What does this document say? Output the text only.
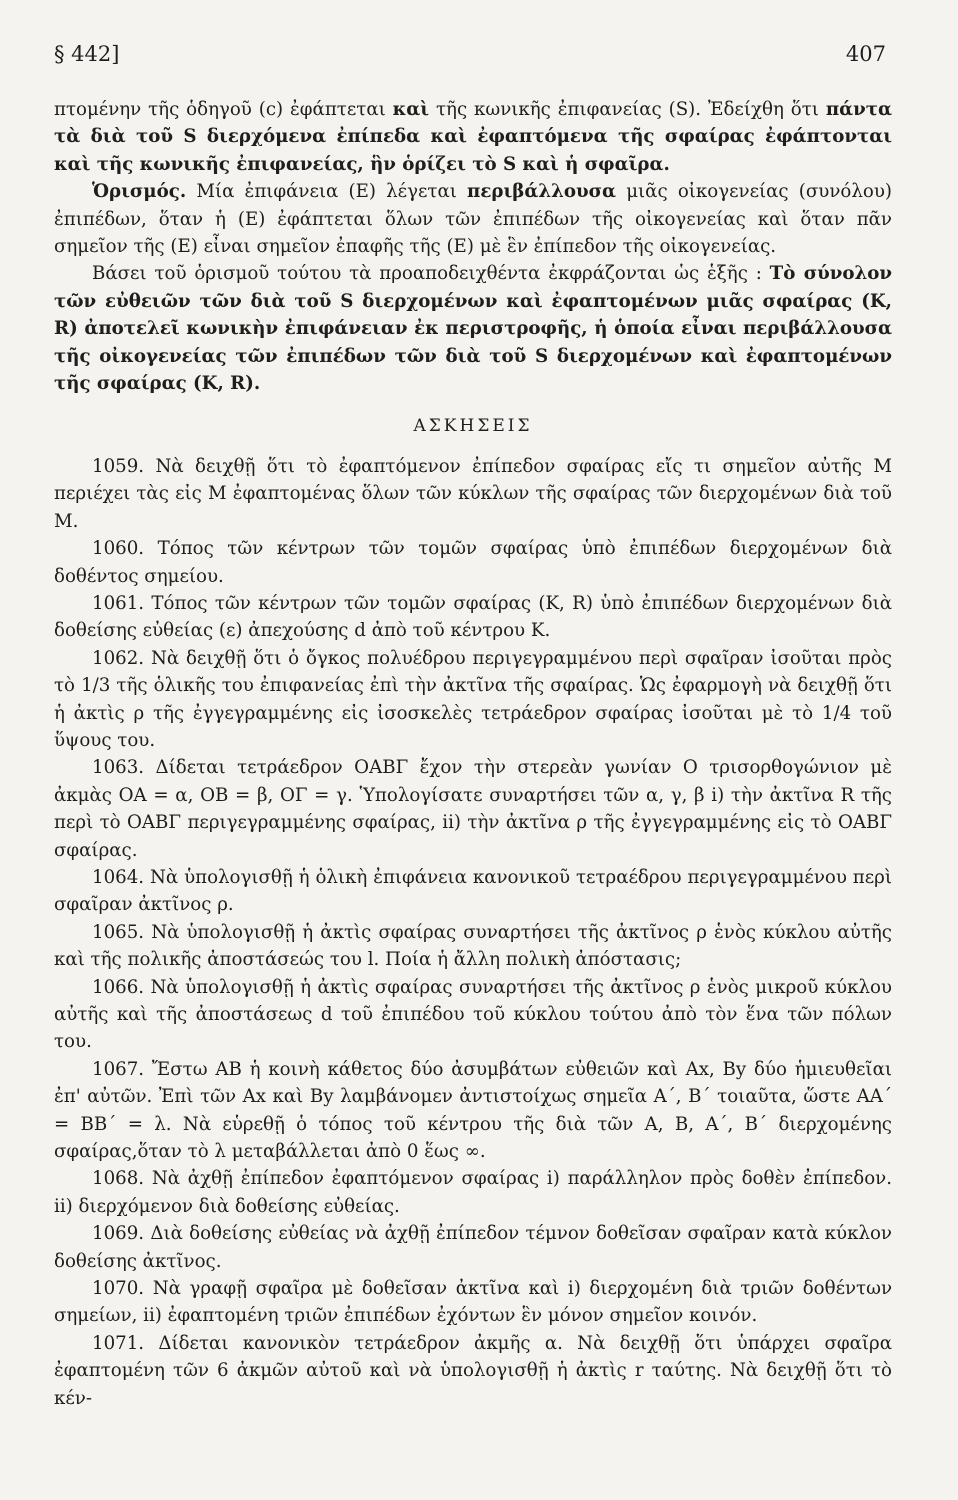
§ 442]	407

πτομένην τῆς ὁδηγοῦ (c) ἐφάπτεται καὶ τῆς κωνικῆς ἐπιφανείας (S). Ἐδείχθη ὅτι πάντα τὰ διὰ τοῦ S διερχόμενα ἐπίπεδα καὶ ἐφαπτόμενα τῆς σφαίρας ἐφάπτονται καὶ τῆς κωνικῆς ἐπιφανείας, ἣν ὁρίζει τὸ S καὶ ἡ σφαῖρα.

Ὁρισμός. Μία ἐπιφάνεια (E) λέγεται περιβάλλουσα μιᾶς οἰκογενείας (συνόλου) ἐπιπέδων, ὅταν ἡ (E) ἐφάπτεται ὅλων τῶν ἐπιπέδων τῆς οἰκογενείας καὶ ὅταν πᾶν σημεῖον τῆς (E) εἶναι σημεῖον ἐπαφῆς τῆς (E) μὲ ἓν ἐπίπεδον τῆς οἰκογενείας.

Βάσει τοῦ ὁρισμοῦ τούτου τὰ προαποδειχθέντα ἐκφράζονται ὡς ἑξῆς : Τὸ σύνολον τῶν εὐθειῶν τῶν διὰ τοῦ S διερχομένων καὶ ἐφαπτομένων μιᾶς σφαίρας (K, R) ἀποτελεῖ κωνικὴν ἐπιφάνειαν ἐκ περιστροφῆς, ἡ ὁποία εἶναι περιβάλλουσα τῆς οἰκογενείας τῶν ἐπιπέδων τῶν διὰ τοῦ S διερχομένων καὶ ἐφαπτομένων τῆς σφαίρας (K, R).

ΑΣΚΗΣΕΙΣ

1059. Νὰ δειχθῇ ὅτι τὸ ἐφαπτόμενον ἐπίπεδον σφαίρας εἴς τι σημεῖον αὐτῆς Μ περιέχει τὰς εἰς Μ ἐφαπτομένας ὅλων τῶν κύκλων τῆς σφαίρας τῶν διερχομένων διὰ τοῦ Μ.

1060. Τόπος τῶν κέντρων τῶν τομῶν σφαίρας ὑπὸ ἐπιπέδων διερχομένων διὰ δοθέντος σημείου.

1061. Τόπος τῶν κέντρων τῶν τομῶν σφαίρας (K, R) ὑπὸ ἐπιπέδων διερχομένων διὰ δοθείσης εὐθείας (ε) ἀπεχούσης d ἀπὸ τοῦ κέντρου K.

1062. Νὰ δειχθῇ ὅτι ὁ ὄγκος πολυέδρου περιγεγραμμένου περὶ σφαῖραν ἰσοῦται πρὸς τὸ 1/3 τῆς ὁλικῆς του ἐπιφανείας ἐπὶ τὴν ἀκτῖνα τῆς σφαίρας. Ὡς ἐφαρμογὴ νὰ δειχθῇ ὅτι ἡ ἀκτὶς ρ τῆς ἐγγεγραμμένης εἰς ἰσοσκελὲς τετράεδρον σφαίρας ἰσοῦται μὲ τὸ 1/4 τοῦ ὕψους του.

1063. Δίδεται τετράεδρον ΟΑΒΓ ἔχον τὴν στερεὰν γωνίαν Ο τρισορθογώνιον μὲ ἀκμὰς ΟΑ = α, ΟΒ = β, ΟΓ = γ. Ὑπολογίσατε συναρτήσει τῶν α, γ, β i) τὴν ἀκτῖνα R τῆς περὶ τὸ ΟΑΒΓ περιγεγραμμένης σφαίρας, ii) τὴν ἀκτῖνα ρ τῆς ἐγγεγραμμένης εἰς τὸ ΟΑΒΓ σφαίρας.

1064. Νὰ ὑπολογισθῇ ἡ ὁλικὴ ἐπιφάνεια κανονικοῦ τετραέδρου περιγεγραμμένου περὶ σφαῖραν ἀκτῖνος ρ.

1065. Νὰ ὑπολογισθῇ ἡ ἀκτὶς σφαίρας συναρτήσει τῆς ἀκτῖνος ρ ἑνὸς κύκλου αὐτῆς καὶ τῆς πολικῆς ἀποστάσεώς του l. Ποία ἡ ἄλλη πολικὴ ἀπόστασις;

1066. Νὰ ὑπολογισθῇ ἡ ἀκτὶς σφαίρας συναρτήσει τῆς ἀκτῖνος ρ ἑνὸς μικροῦ κύκλου αὐτῆς καὶ τῆς ἀποστάσεως d τοῦ ἐπιπέδου τοῦ κύκλου τούτου ἀπὸ τὸν ἕνα τῶν πόλων του.

1067. Ἔστω ΑΒ ἡ κοινὴ κάθετος δύο ἀσυμβάτων εὐθειῶν καὶ Αx, Βy δύο ἡμιευθεῖαι ἐπ' αὐτῶν. Ἐπὶ τῶν Αx καὶ Βy λαμβάνομεν ἀντιστοίχως σημεῖα Α΄, Β΄ τοιαῦτα, ὥστε ΑΑ΄ = ΒΒ΄ = λ. Νὰ εὑρεθῇ ὁ τόπος τοῦ κέντρου τῆς διὰ τῶν Α, Β, Α΄, Β΄ διερχομένης σφαίρας,ὅταν τὸ λ μεταβάλλεται ἀπὸ 0 ἕως ∞.

1068. Νὰ ἀχθῇ ἐπίπεδον ἐφαπτόμενον σφαίρας i) παράλληλον πρὸς δοθὲν ἐπίπεδον. ii) διερχόμενον διὰ δοθείσης εὐθείας.

1069. Διὰ δοθείσης εὐθείας νὰ ἀχθῇ ἐπίπεδον τέμνον δοθεῖσαν σφαῖραν κατὰ κύκλον δοθείσης ἀκτῖνος.

1070. Νὰ γραφῇ σφαῖρα μὲ δοθεῖσαν ἀκτῖνα καὶ i) διερχομένη διὰ τριῶν δοθέντων σημείων, ii) ἐφαπτομένη τριῶν ἐπιπέδων ἐχόντων ἓν μόνον σημεῖον κοινόν.

1071. Δίδεται κανονικὸν τετράεδρον ἀκμῆς α. Νὰ δειχθῇ ὅτι ὑπάρχει σφαῖρα ἐφαπτομένη τῶν 6 ἀκμῶν αὐτοῦ καὶ νὰ ὑπολογισθῇ ἡ ἀκτὶς r ταύτης. Νὰ δειχθῇ ὅτι τὸ κέν-
